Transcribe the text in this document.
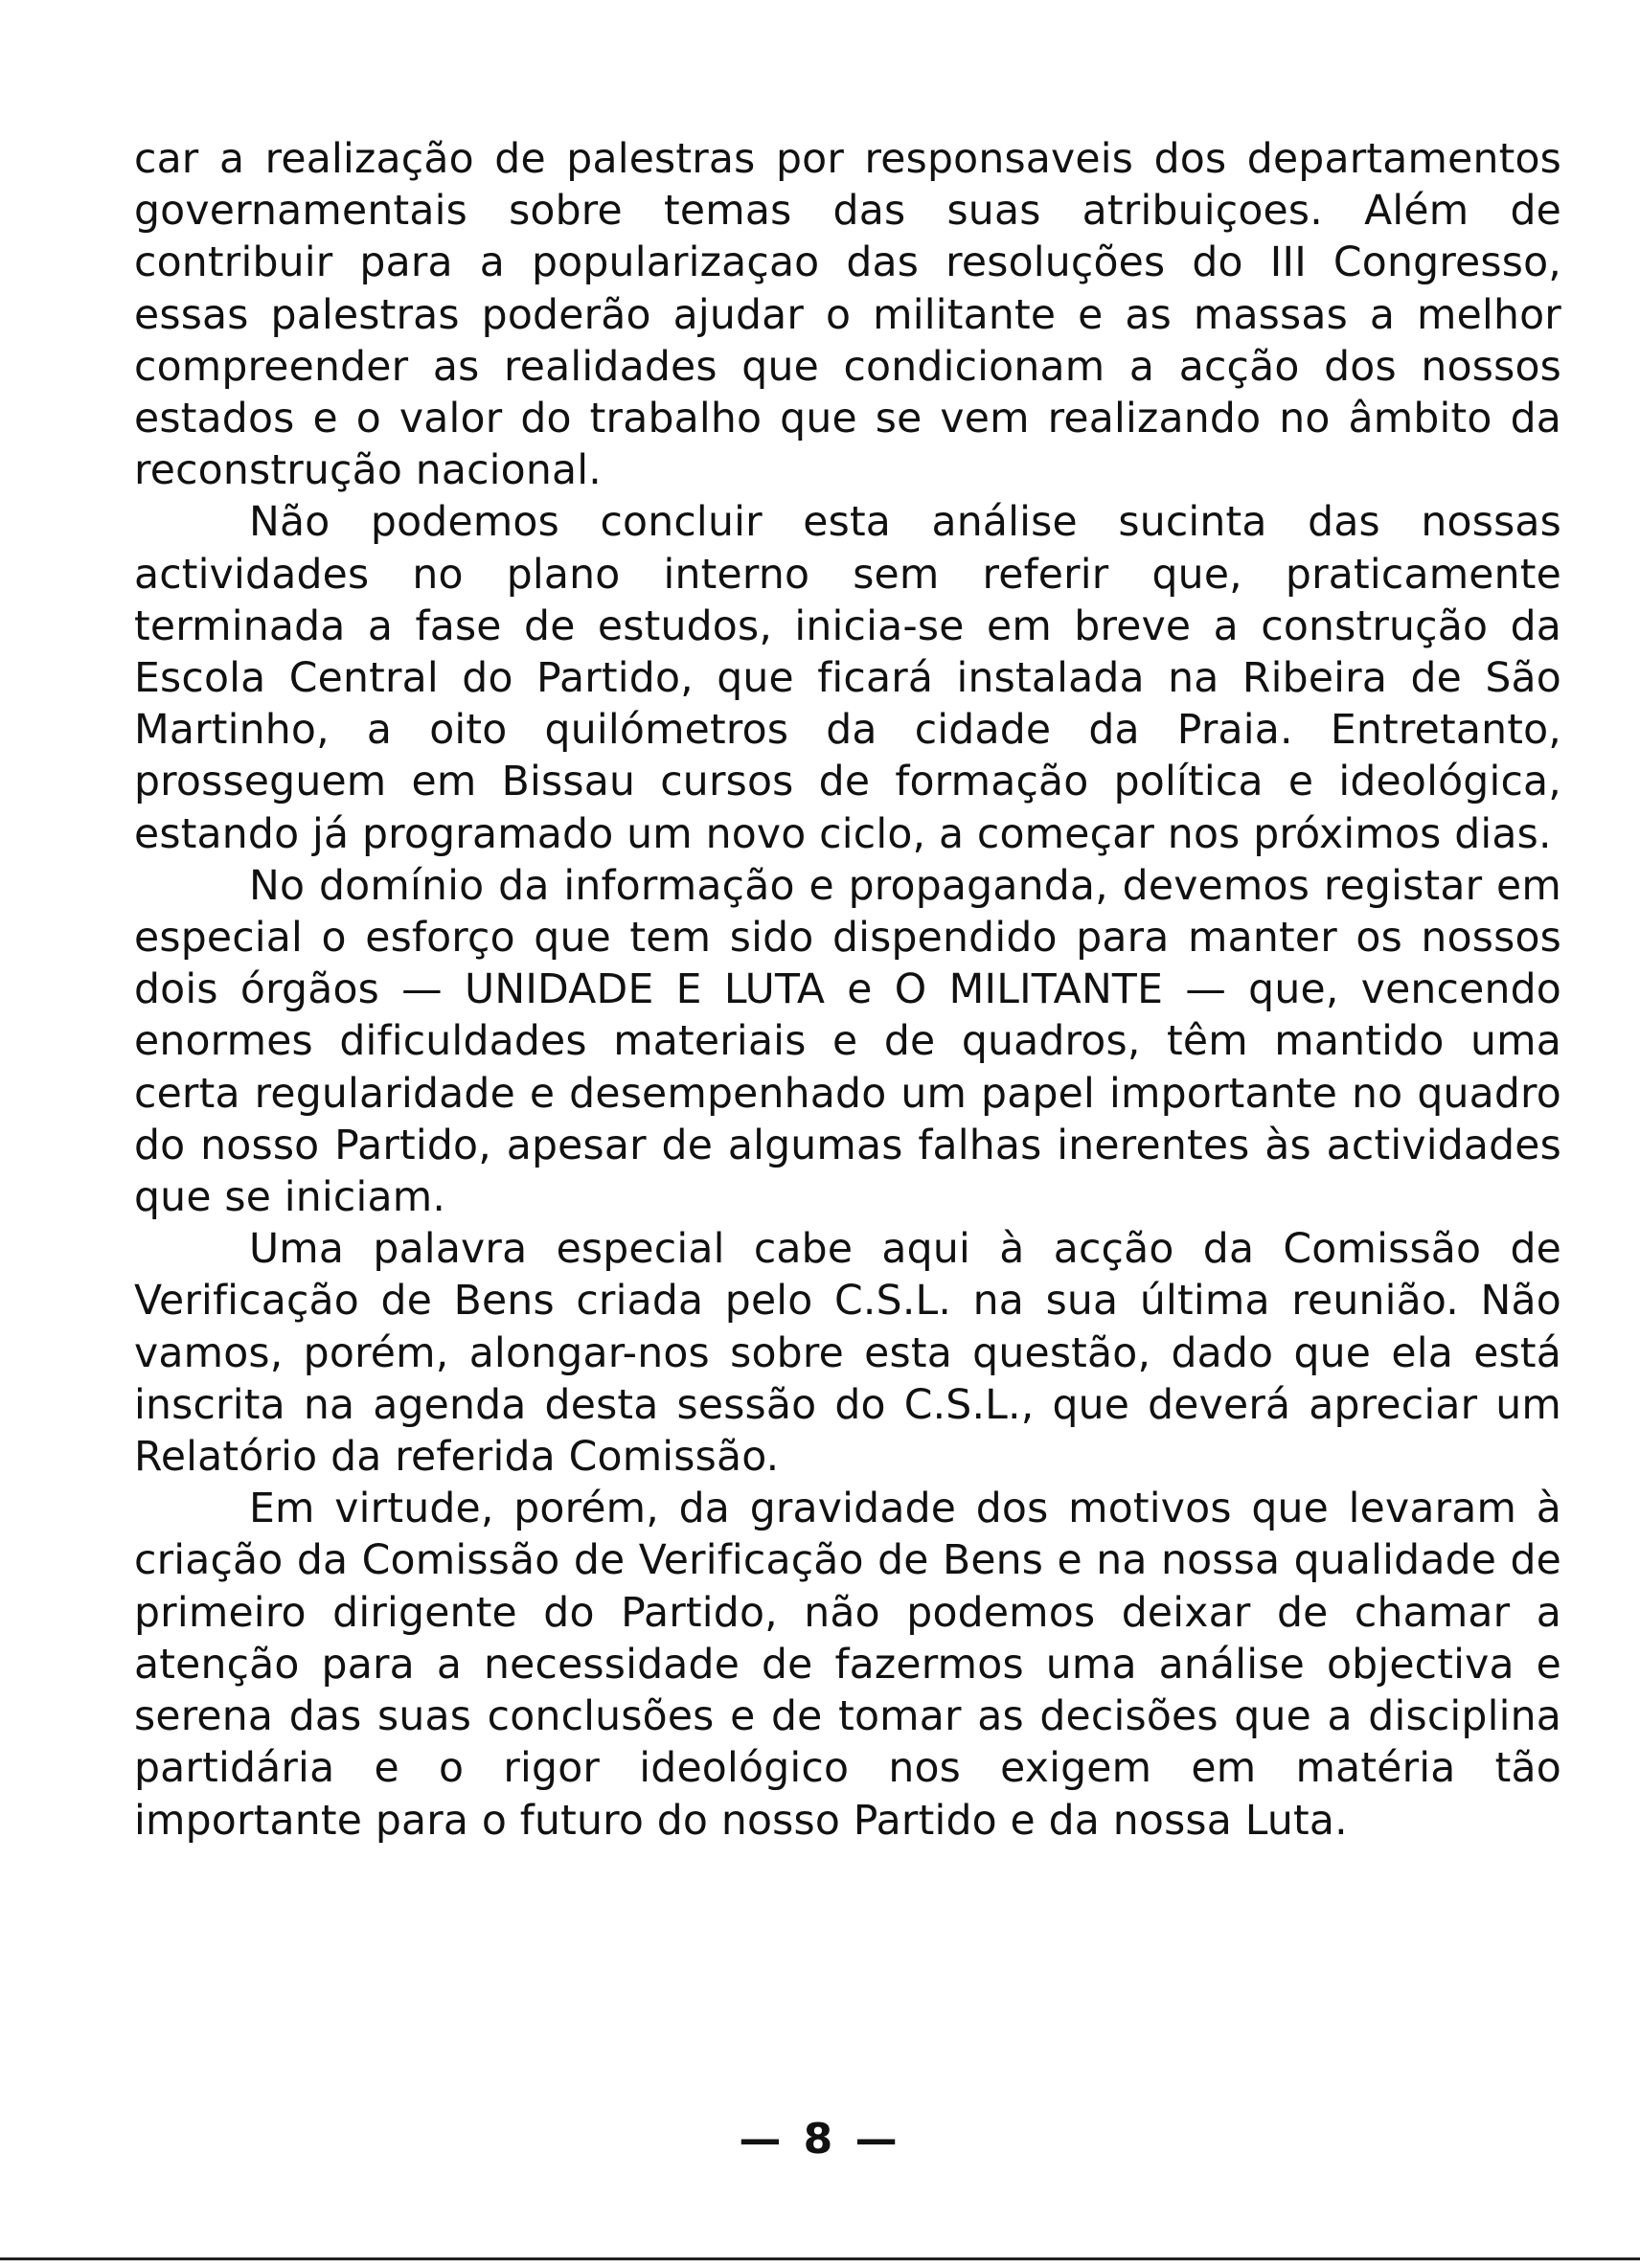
car a realização de palestras por responsaveis dos departamentos governamentais sobre temas das suas atribuiçoes. Além de contribuir para a popularizaçao das resoluções do III Congresso, essas palestras poderão ajudar o militante e as massas a melhor compreender as realidades que condicionam a acção dos nossos estados e o valor do trabalho que se vem realizando no âmbito da reconstrução nacional.

Não podemos concluir esta análise sucinta das nossas actividades no plano interno sem referir que, praticamente terminada a fase de estudos, inicia-se em breve a construção da Escola Central do Partido, que ficará instalada na Ribeira de São Martinho, a oito quilómetros da cidade da Praia. Entretanto, prosseguem em Bissau cursos de formação política e ideológica, estando já programado um novo ciclo, a começar nos próximos dias.

No domínio da informação e propaganda, devemos registar em especial o esforço que tem sido dispendido para manter os nossos dois órgãos — UNIDADE E LUTA e O MILITANTE — que, vencendo enormes dificuldades materiais e de quadros, têm mantido uma certa regularidade e desempenhado um papel importante no quadro do nosso Partido, apesar de algumas falhas inerentes às actividades que se iniciam.

Uma palavra especial cabe aqui à acção da Comissão de Verificação de Bens criada pelo C.S.L. na sua última reunião. Não vamos, porém, alongar-nos sobre esta questão, dado que ela está inscrita na agenda desta sessão do C.S.L., que deverá apreciar um Relatório da referida Comissão.

Em virtude, porém, da gravidade dos motivos que levaram à criação da Comissão de Verificação de Bens e na nossa qualidade de primeiro dirigente do Partido, não podemos deixar de chamar a atenção para a necessidade de fazermos uma análise objectiva e serena das suas conclusões e de tomar as decisões que a disciplina partidária e o rigor ideológico nos exigem em matéria tão importante para o futuro do nosso Partido e da nossa Luta.

— 8 —
